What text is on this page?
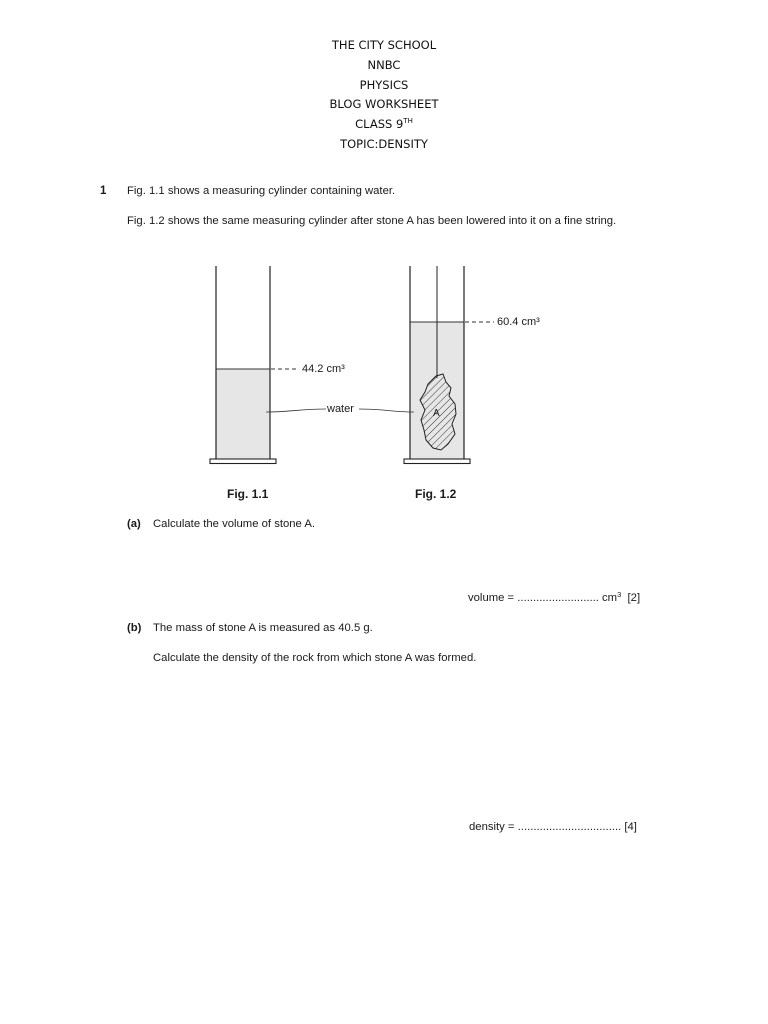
THE CITY SCHOOL
NNBC
PHYSICS
BLOG WORKSHEET
CLASS 9TH
TOPIC:DENSITY
1 Fig. 1.1 shows a measuring cylinder containing water.
Fig. 1.2 shows the same measuring cylinder after stone A has been lowered into it on a fine string.
44.2 cm³
A
60.4 cm³
water
Fig. 1.1	Fig. 1.2
(a) Calculate the volume of stone A.
volume = .......................... $cm^3$ [2]
(b) The mass of stone A is measured as 40.5 g.
Calculate the density of the rock from which stone A was formed.
density = ................................. [4]
